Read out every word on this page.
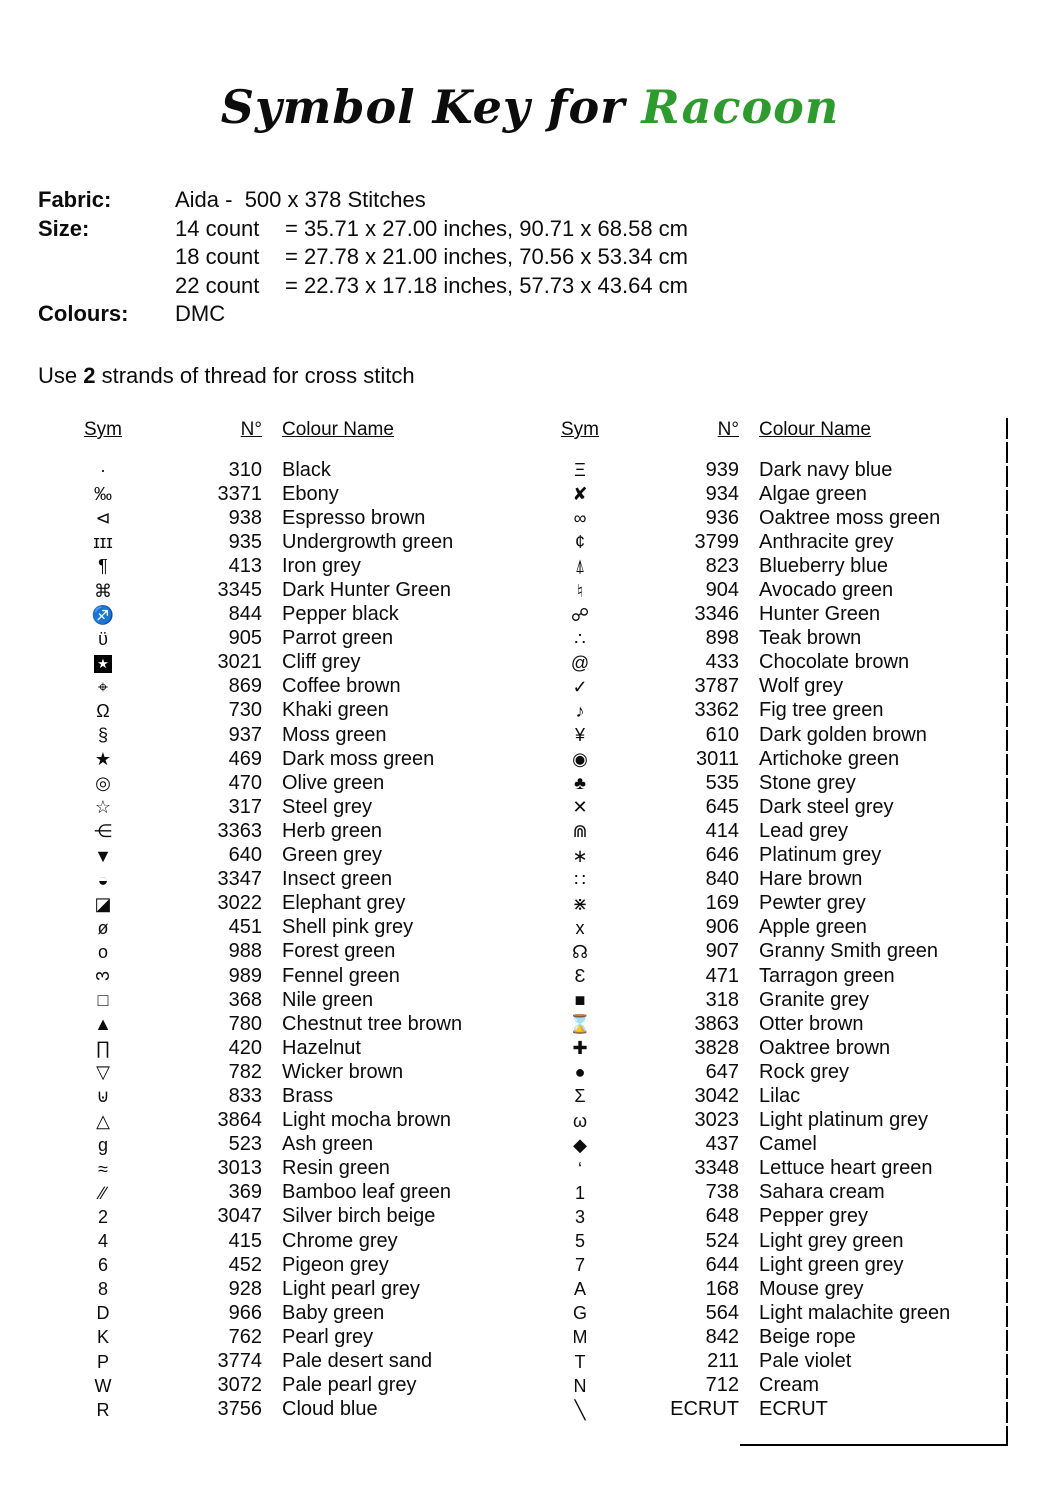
Symbol Key for Racoon
Fabric:	Aida -  500 x 378 Stitches
Size:	14 count = 35.71 x 27.00 inches, 90.71 x 68.58 cm
18 count = 27.78 x 21.00 inches, 70.56 x 53.34 cm
22 count = 22.73 x 17.18 inches, 57.73 x 43.64 cm
Colours:	DMC
Use 2 strands of thread for cross stitch
Sym	N° Colour Name	Sym	N° Colour Name
·	310 Black
‰	3371 Ebony
⊲	938 Espresso brown
ɪɪɪ	935 Undergrowth green
¶	413 Iron grey
⌘	3345 Dark Hunter Green
♐	844 Pepper black
ϋ	905 Parrot green
★	3021 Cliff grey
⌖	869 Coffee brown
Ω	730 Khaki green
§	937 Moss green
★	469 Dark moss green
◎	470 Olive green
☆	317 Steel grey
⋲	3363 Herb green
▼	640 Green grey
◒	3347 Insect green
◪	3022 Elephant grey
ø	451 Shell pink grey
o	988 Forest green
3	989 Fennel green
□	368 Nile green
▲	780 Chestnut tree brown
∏	420 Hazelnut
▽	782 Wicker brown
⊍	833 Brass
△	3864 Light mocha brown
g	523 Ash green
≈	3013 Resin green
∕∕	369 Bamboo leaf green
2	3047 Silver birch beige
4	415 Chrome grey
6	452 Pigeon grey
8	928 Light pearl grey
D	966 Baby green
K	762 Pearl grey
P	3774 Pale desert sand
W	3072 Pale pearl grey
R	3756 Cloud blue
Ξ	939 Dark navy blue
✘	934 Algae green
∞	936 Oaktree moss green
¢	3799 Anthracite grey
⍋	823 Blueberry blue
♮	904 Avocado green
☍	3346 Hunter Green
∴	898 Teak brown
@	433 Chocolate brown
✓	3787 Wolf grey
♪	3362 Fig tree green
¥	610 Dark golden brown
◉	3011 Artichoke green
♣	535 Stone grey
✕	645 Dark steel grey
⋒	414 Lead grey
∗	646 Platinum grey
∷	840 Hare brown
⋇	169 Pewter grey
x	906 Apple green
☊	907 Granny Smith green
Ɛ	471 Tarragon green
■	318 Granite grey
⌛	3863 Otter brown
✚	3828 Oaktree brown
●	647 Rock grey
Σ	3042 Lilac
ω	3023 Light platinum grey
◆	437 Camel
‘	3348 Lettuce heart green
1	738 Sahara cream
3	648 Pepper grey
5	524 Light grey green
7	644 Light green grey
A	168 Mouse grey
G	564 Light malachite green
M	842 Beige rope
T	211 Pale violet
N	712 Cream
╲	ECRUT ECRUT
